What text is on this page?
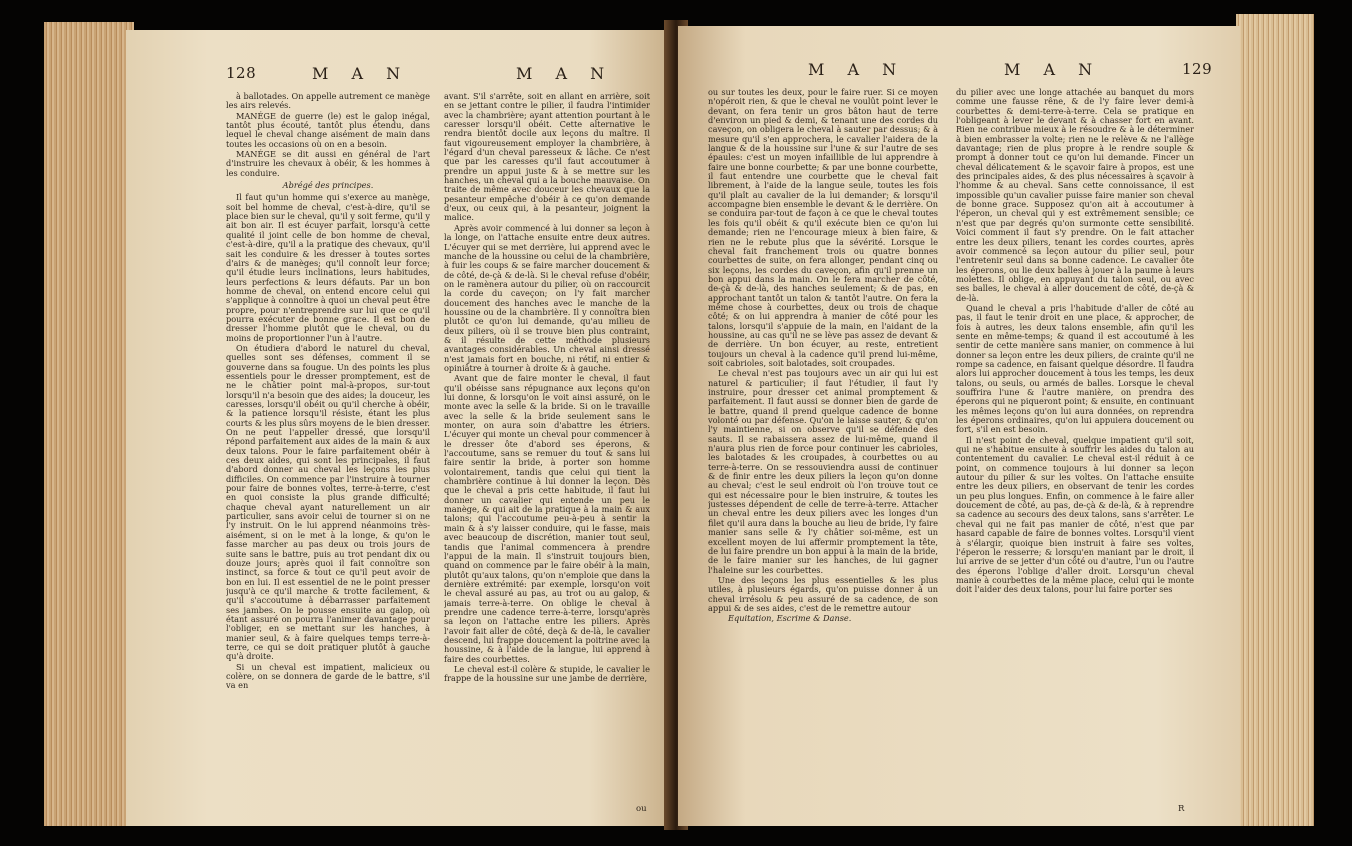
128	M A N	M A N

à ballotades. On appelle autrement ce manège les airs relevés.

MANÉGE de guerre (le) est le galop inégal, tantôt plus écouté, tantôt plus étendu, dans lequel le cheval change aisément de main dans toutes les occasions où on en a besoin.

MANÉGE se dit aussi en général de l'art d'instruire les chevaux à obéir, & les hommes à les conduire.

Abrégé des principes.

Il faut qu'un homme qui s'exerce au manège, soit bel homme de cheval, c'est-à-dire, qu'il se place bien sur le cheval, qu'il y soit ferme, qu'il y ait bon air. Il est écuyer parfait, lorsqu'à cette qualité il joint celle de bon homme de cheval, c'est-à-dire, qu'il a la pratique des chevaux, qu'il sait les conduire & les dresser à toutes sortes d'airs & de manèges; qu'il connoît leur force; qu'il étudie leurs inclinations, leurs habitudes, leurs perfections & leurs défauts. Par un bon homme de cheval, on entend encore celui qui s'applique à connoître à quoi un cheval peut être propre, pour n'entreprendre sur lui que ce qu'il pourra exécuter de bonne grace. Il est bon de dresser l'homme plutôt que le cheval, ou du moins de proportionner l'un à l'autre.

On étudiera d'abord le naturel du cheval, quelles sont ses défenses, comment il se gouverne dans sa fougue. Un des points les plus essentiels pour le dresser promptement, est de ne le châtier point mal-à-propos, sur-tout lorsqu'il n'a besoin que des aides; la douceur, les caresses, lorsqu'il obéit ou qu'il cherche à obéir, & la patience lorsqu'il résiste, étant les plus courts & les plus sûrs moyens de le bien dresser. On ne peut l'appeller dressé, que lorsqu'il répond parfaitement aux aides de la main & aux deux talons. Pour le faire parfaitement obéir à ces deux aides, qui sont les principales, il faut d'abord donner au cheval les leçons les plus difficiles. On commence par l'instruire à tourner pour faire de bonnes voltes, terre-à-terre, c'est en quoi consiste la plus grande difficulté; chaque cheval ayant naturellement un air particulier, sans avoir celui de tourner si on ne l'y instruit. On le lui apprend néanmoins très-aisément, si on le met à la longe, & qu'on le fasse marcher au pas deux ou trois jours de suite sans le battre, puis au trot pendant dix ou douze jours; après quoi il fait connoître son instinct, sa force & tout ce qu'il peut avoir de bon en lui. Il est essentiel de ne le point presser jusqu'à ce qu'il marche & trotte facilement, & qu'il s'accoutume à débarrasser parfaitement ses jambes. On le pousse ensuite au galop, où étant assuré on pourra l'animer davantage pour l'obliger, en se mettant sur les hanches, à manier seul, & à faire quelques temps terre-à-terre, ce qui se doit pratiquer plutôt à gauche qu'à droite.

Si un cheval est impatient, malicieux ou colère, on se donnera de garde de le battre, s'il va en

avant. S'il s'arrête, soit en allant en arrière, soit en se jettant contre le pilier, il faudra l'intimider avec la chambrière; ayant attention pourtant à le caresser lorsqu'il obéit. Cette alternative le rendra bientôt docile aux leçons du maître. Il faut vigoureusement employer la chambrière, à l'égard d'un cheval paresseux & lâche. Ce n'est que par les caresses qu'il faut accoutumer à prendre un appui juste & à se mettre sur les hanches, un cheval qui a la bouche mauvaise. On traite de même avec douceur les chevaux que la pesanteur empêche d'obéir à ce qu'on demande d'eux, ou ceux qui, à la pesanteur, joignent la malice.

Après avoir commencé à lui donner sa leçon à la longe, on l'attache ensuite entre deux autres. L'écuyer qui se met derrière, lui apprend avec le manche de la houssine ou celui de la chambrière, à fuir les coups & se faire marcher doucement & de côté, de-çà & de-là. Si le cheval refuse d'obéir, on le ramènera autour du pilier, où on raccourcit la corde du caveçon; on l'y fait marcher doucement des hanches avec le manche de la houssine ou de la chambrière. Il y connoîtra bien plutôt ce qu'on lui demande, qu'au milieu de deux piliers, où il se trouve bien plus contraint, & il résulte de cette méthode plusieurs avantages considérables. Un cheval ainsi dressé n'est jamais fort en bouche, ni rétif, ni entier & opiniâtre à tourner à droite & à gauche.

Avant que de faire monter le cheval, il faut qu'il obéisse sans répugnance aux leçons qu'on lui donne, & lorsqu'on le voit ainsi assuré, on le monte avec la selle & la bride. Si on le travaille avec la selle & la bride seulement sans le monter, on aura soin d'abattre les étriers. L'écuyer qui monte un cheval pour commencer à le dresser ôte d'abord ses éperons, & l'accoutume, sans se remuer du tout & sans lui faire sentir la bride, à porter son homme volontairement, tandis que celui qui tient la chambrière continue à lui donner la leçon. Dès que le cheval a pris cette habitude, il faut lui donner un cavalier qui entende un peu le manège, & qui ait de la pratique à la main & aux talons; qui l'accoutume peu-à-peu à sentir la main & à s'y laisser conduire, qui le fasse, mais avec beaucoup de discrétion, manier tout seul, tandis que l'animal commencera à prendre l'appui de la main. Il s'instruit toujours bien, quand on commence par le faire obéir à la main, plutôt qu'aux talons, qu'on n'emploie que dans la dernière extrémité: par exemple, lorsqu'on voit le cheval assuré au pas, au trot ou au galop, & jamais terre-à-terre. On oblige le cheval à prendre une cadence terre-à-terre, lorsqu'après sa leçon on l'attache entre les piliers. Après l'avoir fait aller de côté, deçà & de-là, le cavalier descend, lui frappe doucement la poitrine avec la houssine, & à l'aide de la langue, lui apprend à faire des courbettes.

Le cheval est-il colère & stupide, le cavalier le frappe de la houssine sur une jambe de derrière,

ou
M A N	M A N	129

ou sur toutes les deux, pour le faire ruer. Si ce moyen n'opéroit rien, & que le cheval ne voulût point lever le devant, on fera tenir un gros bâton haut de terre d'environ un pied & demi, & tenant une des cordes du caveçon, on obligera le cheval à sauter par dessus; & à mesure qu'il s'en approchera, le cavalier l'aidera de la langue & de la houssine sur l'une & sur l'autre de ses épaules: c'est un moyen infaillible de lui apprendre à faire une bonne courbette; & par une bonne courbette, il faut entendre une courbette que le cheval fait librement, à l'aide de la langue seule, toutes les fois qu'il plaît au cavalier de la lui demander; & lorsqu'il accompagne bien ensemble le devant & le derrière. On se conduira par-tout de façon à ce que le cheval toutes les fois qu'il obéit & qu'il exécute bien ce qu'on lui demande; rien ne l'encourage mieux à bien faire, & rien ne le rebute plus que la sévérité. Lorsque le cheval fait franchement trois ou quatre bonnes courbettes de suite, on fera allonger, pendant cinq ou six leçons, les cordes du caveçon, afin qu'il prenne un bon appui dans la main. On le fera marcher de côté, de-çà & de-là, des hanches seulement; & de pas, en approchant tantôt un talon & tantôt l'autre. On fera la même chose à courbettes, deux ou trois de chaque côté; & on lui apprendra à manier de côté pour les talons, lorsqu'il s'appuie de la main, en l'aidant de la houssine, au cas qu'il ne se lève pas assez de devant & de derrière. Un bon écuyer, au reste, entretient toujours un cheval à la cadence qu'il prend lui-même, soit cabrioles, soit balotades, soit croupades.

Le cheval n'est pas toujours avec un air qui lui est naturel & particulier; il faut l'étudier, il faut l'y instruire, pour dresser cet animal promptement & parfaitement. Il faut aussi se donner bien de garde de le battre, quand il prend quelque cadence de bonne volonté ou par défense. Qu'on le laisse sauter, & qu'on l'y maintienne, si on observe qu'il se défende des sauts. Il se rabaissera assez de lui-même, quand il n'aura plus rien de force pour continuer les cabrioles, les balotades & les croupades, à courbettes ou au terre-à-terre. On se ressouviendra aussi de continuer & de finir entre les deux piliers la leçon qu'on donne au cheval; c'est le seul endroit où l'on trouve tout ce qui est nécessaire pour le bien instruire, & toutes les justesses dépendent de celle de terre-à-terre. Attacher un cheval entre les deux piliers avec les longes d'un filet qu'il aura dans la bouche au lieu de bride, l'y faire manier sans selle & l'y châtier soi-même, est un excellent moyen de lui affermir promptement la tête, de lui faire prendre un bon appui à la main de la bride, de le faire manier sur les hanches, de lui gagner l'haleine sur les courbettes.

Une des leçons les plus essentielles & les plus utiles, à plusieurs égards, qu'on puisse donner à un cheval irrésolu & peu assuré de sa cadence, de son appui & de ses aides, c'est de le remettre autour

Equitation, Escrime & Danse.

du pilier avec une longe attachée au banquet du mors comme une fausse rêne, & de l'y faire lever demi-à courbettes & demi-terre-à-terre. Cela se pratique en l'obligeant à lever le devant & à chasser fort en avant. Rien ne contribue mieux à le résoudre & à le déterminer à bien embrasser la volte; rien ne le relève & ne l'allège davantage; rien de plus propre à le rendre souple & prompt à donner tout ce qu'on lui demande. Fincer un cheval délicatement & le sçavoir faire à propos, est une des principales aides, & des plus nécessaires à sçavoir à l'homme & au cheval. Sans cette connoissance, il est impossible qu'un cavalier puisse faire manier son cheval de bonne grace. Supposez qu'on ait à accoutumer à l'éperon, un cheval qui y est extrêmement sensible; ce n'est que par degrés qu'on surmonte cette sensibilité. Voici comment il faut s'y prendre. On le fait attacher entre les deux piliers, tenant les cordes courtes, après avoir commencé sa leçon autour du pilier seul, pour l'entretenir seul dans sa bonne cadence. Le cavalier ôte les éperons, ou lie deux balles à jouer à la paume à leurs molettes. Il oblige, en appuyant du talon seul, ou avec ses balles, le cheval à aller doucement de côté, de-çà & de-là.

Quand le cheval a pris l'habitude d'aller de côté au pas, il faut le tenir droit en une place, & approcher, de fois à autres, les deux talons ensemble, afin qu'il les sente en même-temps; & quand il est accoutumé à les sentir de cette manière sans manier, on commence à lui donner sa leçon entre les deux piliers, de crainte qu'il ne rompe sa cadence, en faisant quelque désordre. Il faudra alors lui approcher doucement à tous les temps, les deux talons, ou seuls, ou armés de balles. Lorsque le cheval souffrira l'une & l'autre manière, on prendra des éperons qui ne piqueront point; & ensuite, en continuant les mêmes leçons qu'on lui aura données, on reprendra les éperons ordinaires, qu'on lui appuiera doucement ou fort, s'il en est besoin.

Il n'est point de cheval, quelque impatient qu'il soit, qui ne s'habitue ensuite à souffrir les aides du talon au contentement du cavalier. Le cheval est-il réduit à ce point, on commence toujours à lui donner sa leçon autour du pilier & sur les voltes. On l'attache ensuite entre les deux piliers, en observant de tenir les cordes un peu plus longues. Enfin, on commence à le faire aller doucement de côté, au pas, de-çà & de-là, & à reprendre sa cadence au secours des deux talons, sans s'arrêter. Le cheval qui ne fait pas manier de côté, n'est que par hasard capable de faire de bonnes voltes. Lorsqu'il vient à s'élargir, quoique bien instruit à faire ses voltes, l'éperon le resserre; & lorsqu'en maniant par le droit, il lui arrive de se jetter d'un côté ou d'autre, l'un ou l'autre des éperons l'oblige d'aller droit. Lorsqu'un cheval manie à courbettes de la même place, celui qui le monte doit l'aider des deux talons, pour lui faire porter ses

R
